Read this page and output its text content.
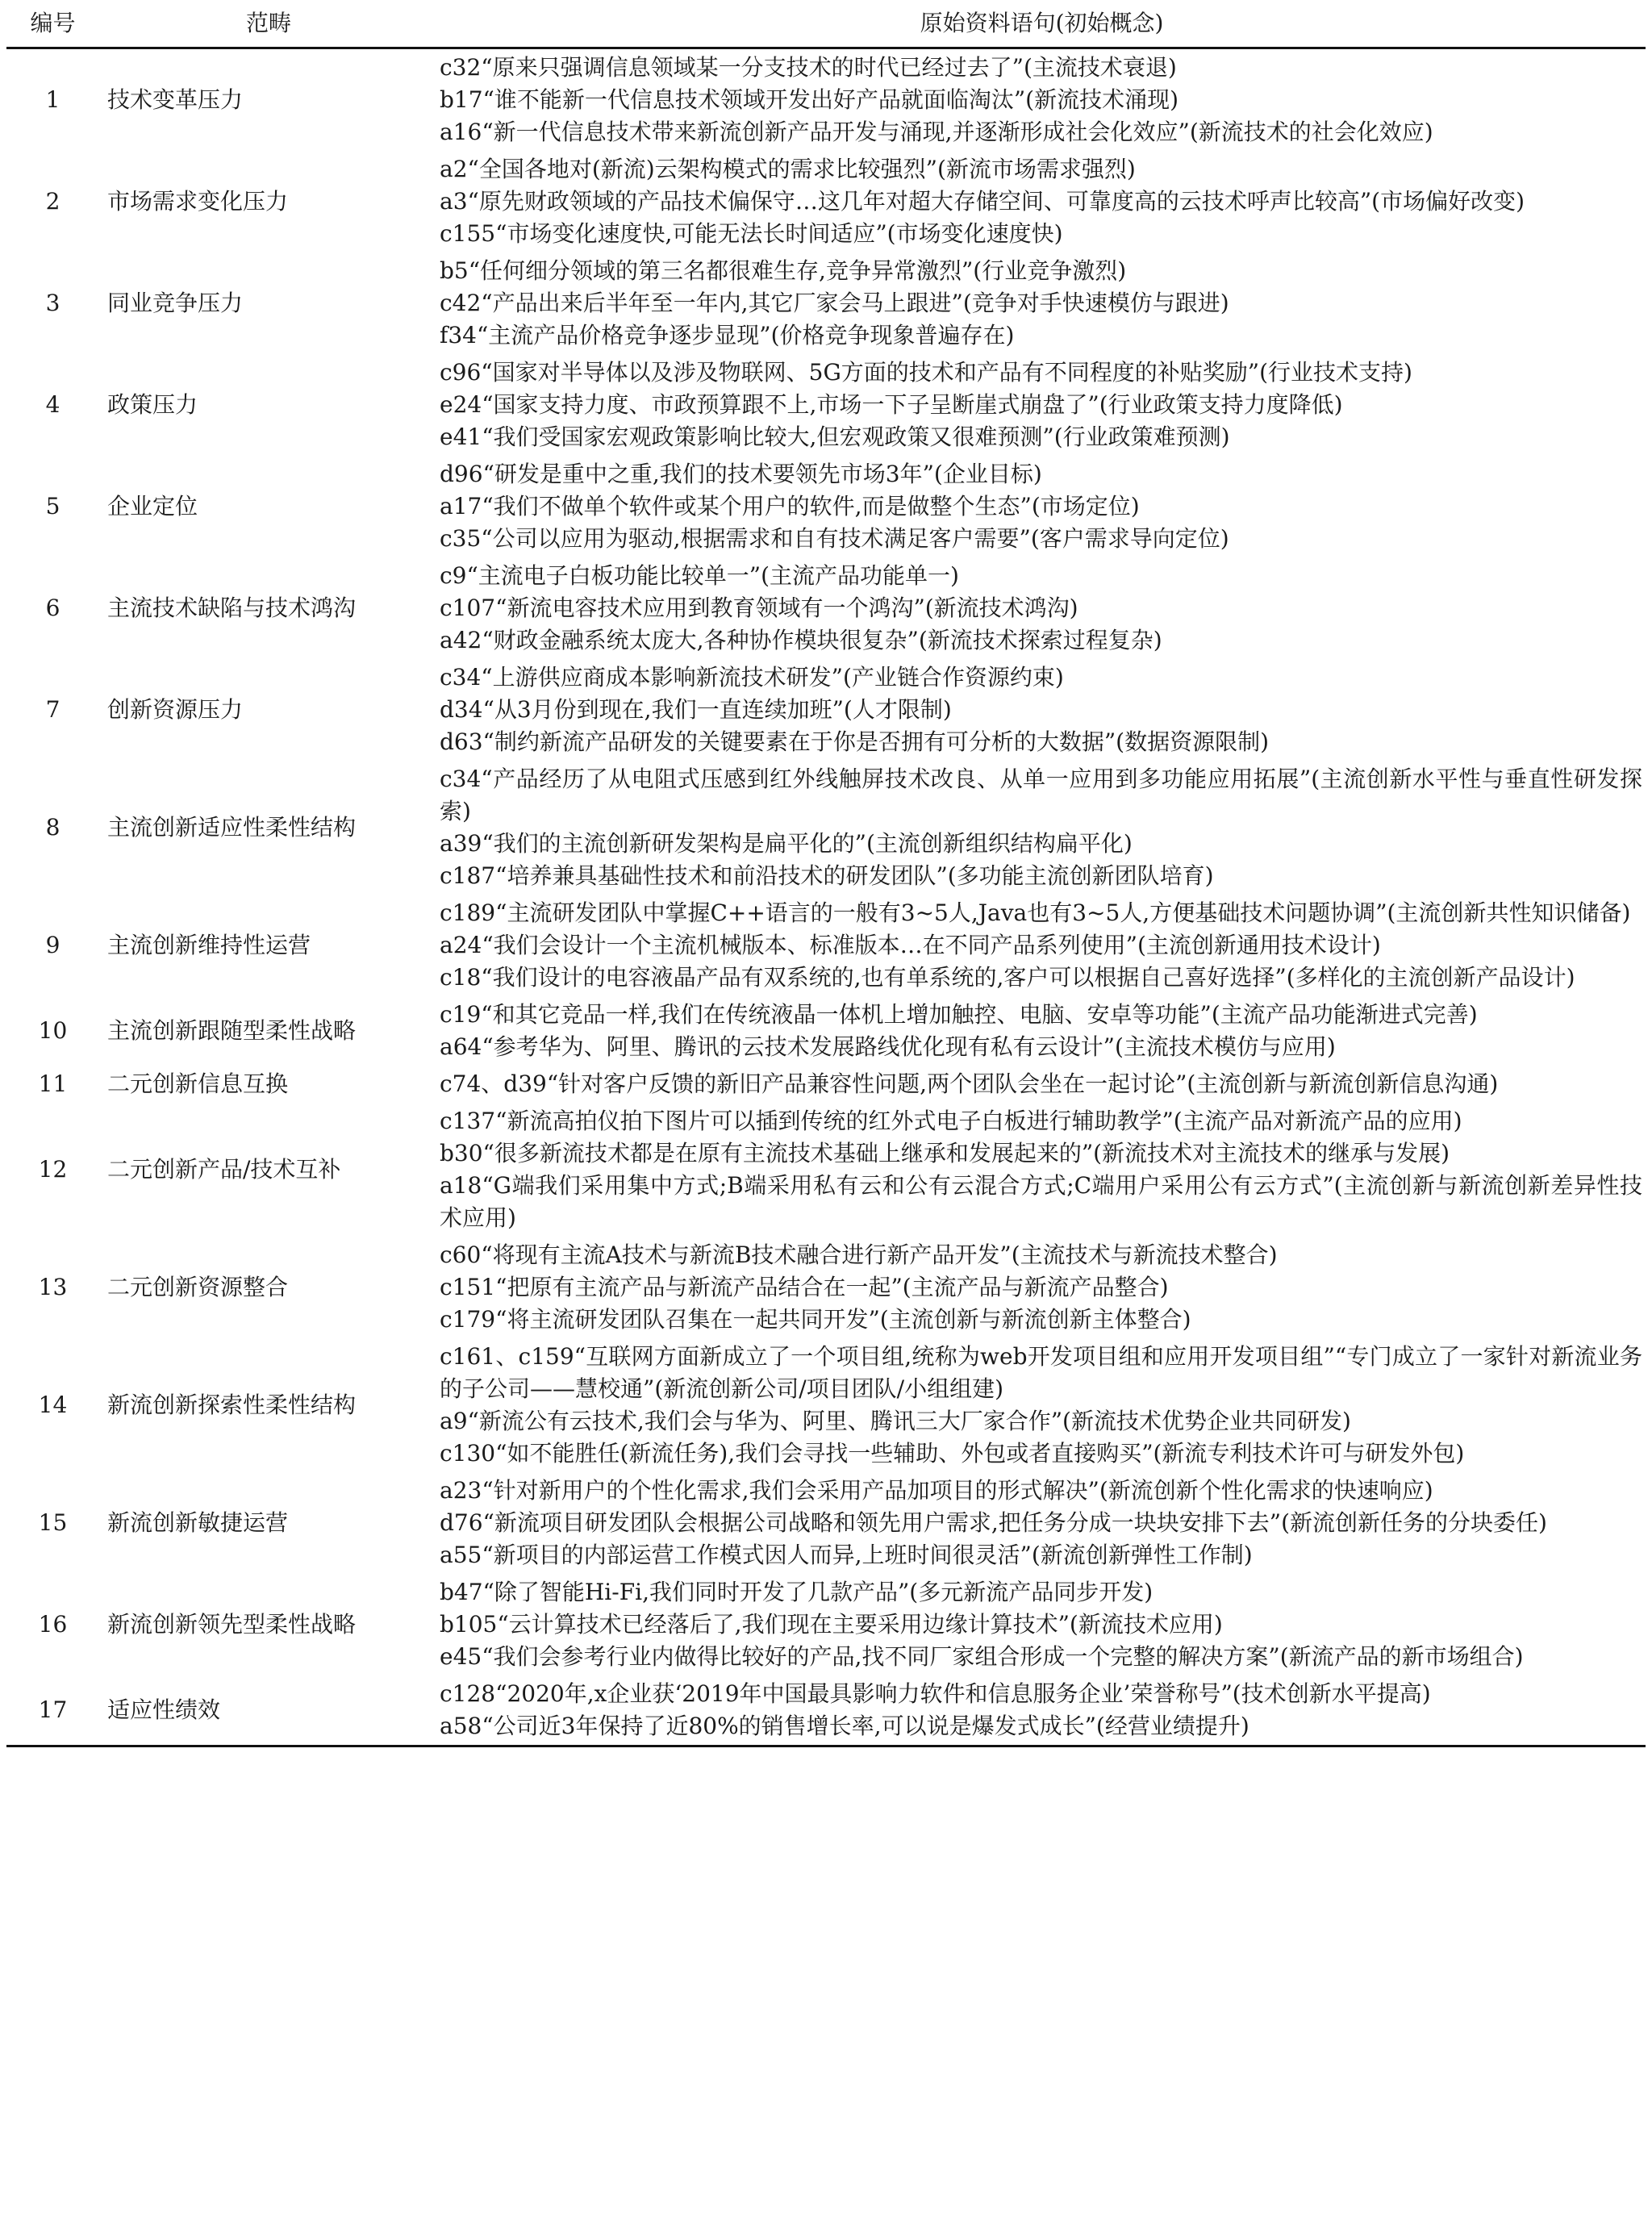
编号	范畴	原始资料语句(初始概念)
1	技术变革压力	c32“原来只强调信息领域某一分支技术的时代已经过去了”(主流技术衰退)
b17“谁不能新一代信息技术领域开发出好产品就面临淘汰”(新流技术涌现)
a16“新一代信息技术带来新流创新产品开发与涌现,并逐渐形成社会化效应”(新流技术的社会化效应)

2	市场需求变化压力	a2“全国各地对(新流)云架构模式的需求比较强烈”(新流市场需求强烈)
a3“原先财政领域的产品技术偏保守…这几年对超大存储空间、可靠度高的云技术呼声比较高”(市场偏好改变)
c155“市场变化速度快,可能无法长时间适应”(市场变化速度快)

3	同业竞争压力	b5“任何细分领域的第三名都很难生存,竞争异常激烈”(行业竞争激烈)
c42“产品出来后半年至一年内,其它厂家会马上跟进”(竞争对手快速模仿与跟进)
f34“主流产品价格竞争逐步显现”(价格竞争现象普遍存在)

4	政策压力	c96“国家对半导体以及涉及物联网、5G方面的技术和产品有不同程度的补贴奖励”(行业技术支持)
e24“国家支持力度、市政预算跟不上,市场一下子呈断崖式崩盘了”(行业政策支持力度降低)
e41“我们受国家宏观政策影响比较大,但宏观政策又很难预测”(行业政策难预测)

5	企业定位	d96“研发是重中之重,我们的技术要领先市场3年”(企业目标)
a17“我们不做单个软件或某个用户的软件,而是做整个生态”(市场定位)
c35“公司以应用为驱动,根据需求和自有技术满足客户需要”(客户需求导向定位)

6	主流技术缺陷与技术鸿沟	c9“主流电子白板功能比较单一”(主流产品功能单一)
c107“新流电容技术应用到教育领域有一个鸿沟”(新流技术鸿沟)
a42“财政金融系统太庞大,各种协作模块很复杂”(新流技术探索过程复杂)

7	创新资源压力	c34“上游供应商成本影响新流技术研发”(产业链合作资源约束)
d34“从3月份到现在,我们一直连续加班”(人才限制)
d63“制约新流产品研发的关键要素在于你是否拥有可分析的大数据”(数据资源限制)

8	主流创新适应性柔性结构	c34“产品经历了从电阻式压感到红外线触屏技术改良、从单一应用到多功能应用拓展”(主流创新水平性与垂直性研发探索)
a39“我们的主流创新研发架构是扁平化的”(主流创新组织结构扁平化)
c187“培养兼具基础性技术和前沿技术的研发团队”(多功能主流创新团队培育)

9	主流创新维持性运营	c189“主流研发团队中掌握C++语言的一般有3~5人,Java也有3~5人,方便基础技术问题协调”(主流创新共性知识储备)
a24“我们会设计一个主流机械版本、标准版本…在不同产品系列使用”(主流创新通用技术设计)
c18“我们设计的电容液晶产品有双系统的,也有单系统的,客户可以根据自己喜好选择”(多样化的主流创新产品设计)

10	主流创新跟随型柔性战略	c19“和其它竞品一样,我们在传统液晶一体机上增加触控、电脑、安卓等功能”(主流产品功能渐进式完善)
a64“参考华为、阿里、腾讯的云技术发展路线优化现有私有云设计”(主流技术模仿与应用)

11	二元创新信息互换	c74、d39“针对客户反馈的新旧产品兼容性问题,两个团队会坐在一起讨论”(主流创新与新流创新信息沟通)

12	二元创新产品/技术互补	c137“新流高拍仪拍下图片可以插到传统的红外式电子白板进行辅助教学”(主流产品对新流产品的应用)
b30“很多新流技术都是在原有主流技术基础上继承和发展起来的”(新流技术对主流技术的继承与发展)
a18“G端我们采用集中方式;B端采用私有云和公有云混合方式;C端用户采用公有云方式”(主流创新与新流创新差异性技术应用)

13	二元创新资源整合	c60“将现有主流A技术与新流B技术融合进行新产品开发”(主流技术与新流技术整合)
c151“把原有主流产品与新流产品结合在一起”(主流产品与新流产品整合)
c179“将主流研发团队召集在一起共同开发”(主流创新与新流创新主体整合)

14	新流创新探索性柔性结构	c161、c159“互联网方面新成立了一个项目组,统称为web开发项目组和应用开发项目组”“专门成立了一家针对新流业务的子公司——慧校通”(新流创新公司/项目团队/小组组建)
a9“新流公有云技术,我们会与华为、阿里、腾讯三大厂家合作”(新流技术优势企业共同研发)
c130“如不能胜任(新流任务),我们会寻找一些辅助、外包或者直接购买”(新流专利技术许可与研发外包)

15	新流创新敏捷运营	a23“针对新用户的个性化需求,我们会采用产品加项目的形式解决”(新流创新个性化需求的快速响应)
d76“新流项目研发团队会根据公司战略和领先用户需求,把任务分成一块块安排下去”(新流创新任务的分块委任)
a55“新项目的内部运营工作模式因人而异,上班时间很灵活”(新流创新弹性工作制)

16	新流创新领先型柔性战略	b47“除了智能Hi-Fi,我们同时开发了几款产品”(多元新流产品同步开发)
b105“云计算技术已经落后了,我们现在主要采用边缘计算技术”(新流技术应用)
e45“我们会参考行业内做得比较好的产品,找不同厂家组合形成一个完整的解决方案”(新流产品的新市场组合)

17	适应性绩效	c128“2020年,x企业获‘2019年中国最具影响力软件和信息服务企业’荣誉称号”(技术创新水平提高)
a58“公司近3年保持了近80%的销售增长率,可以说是爆发式成长”(经营业绩提升)
